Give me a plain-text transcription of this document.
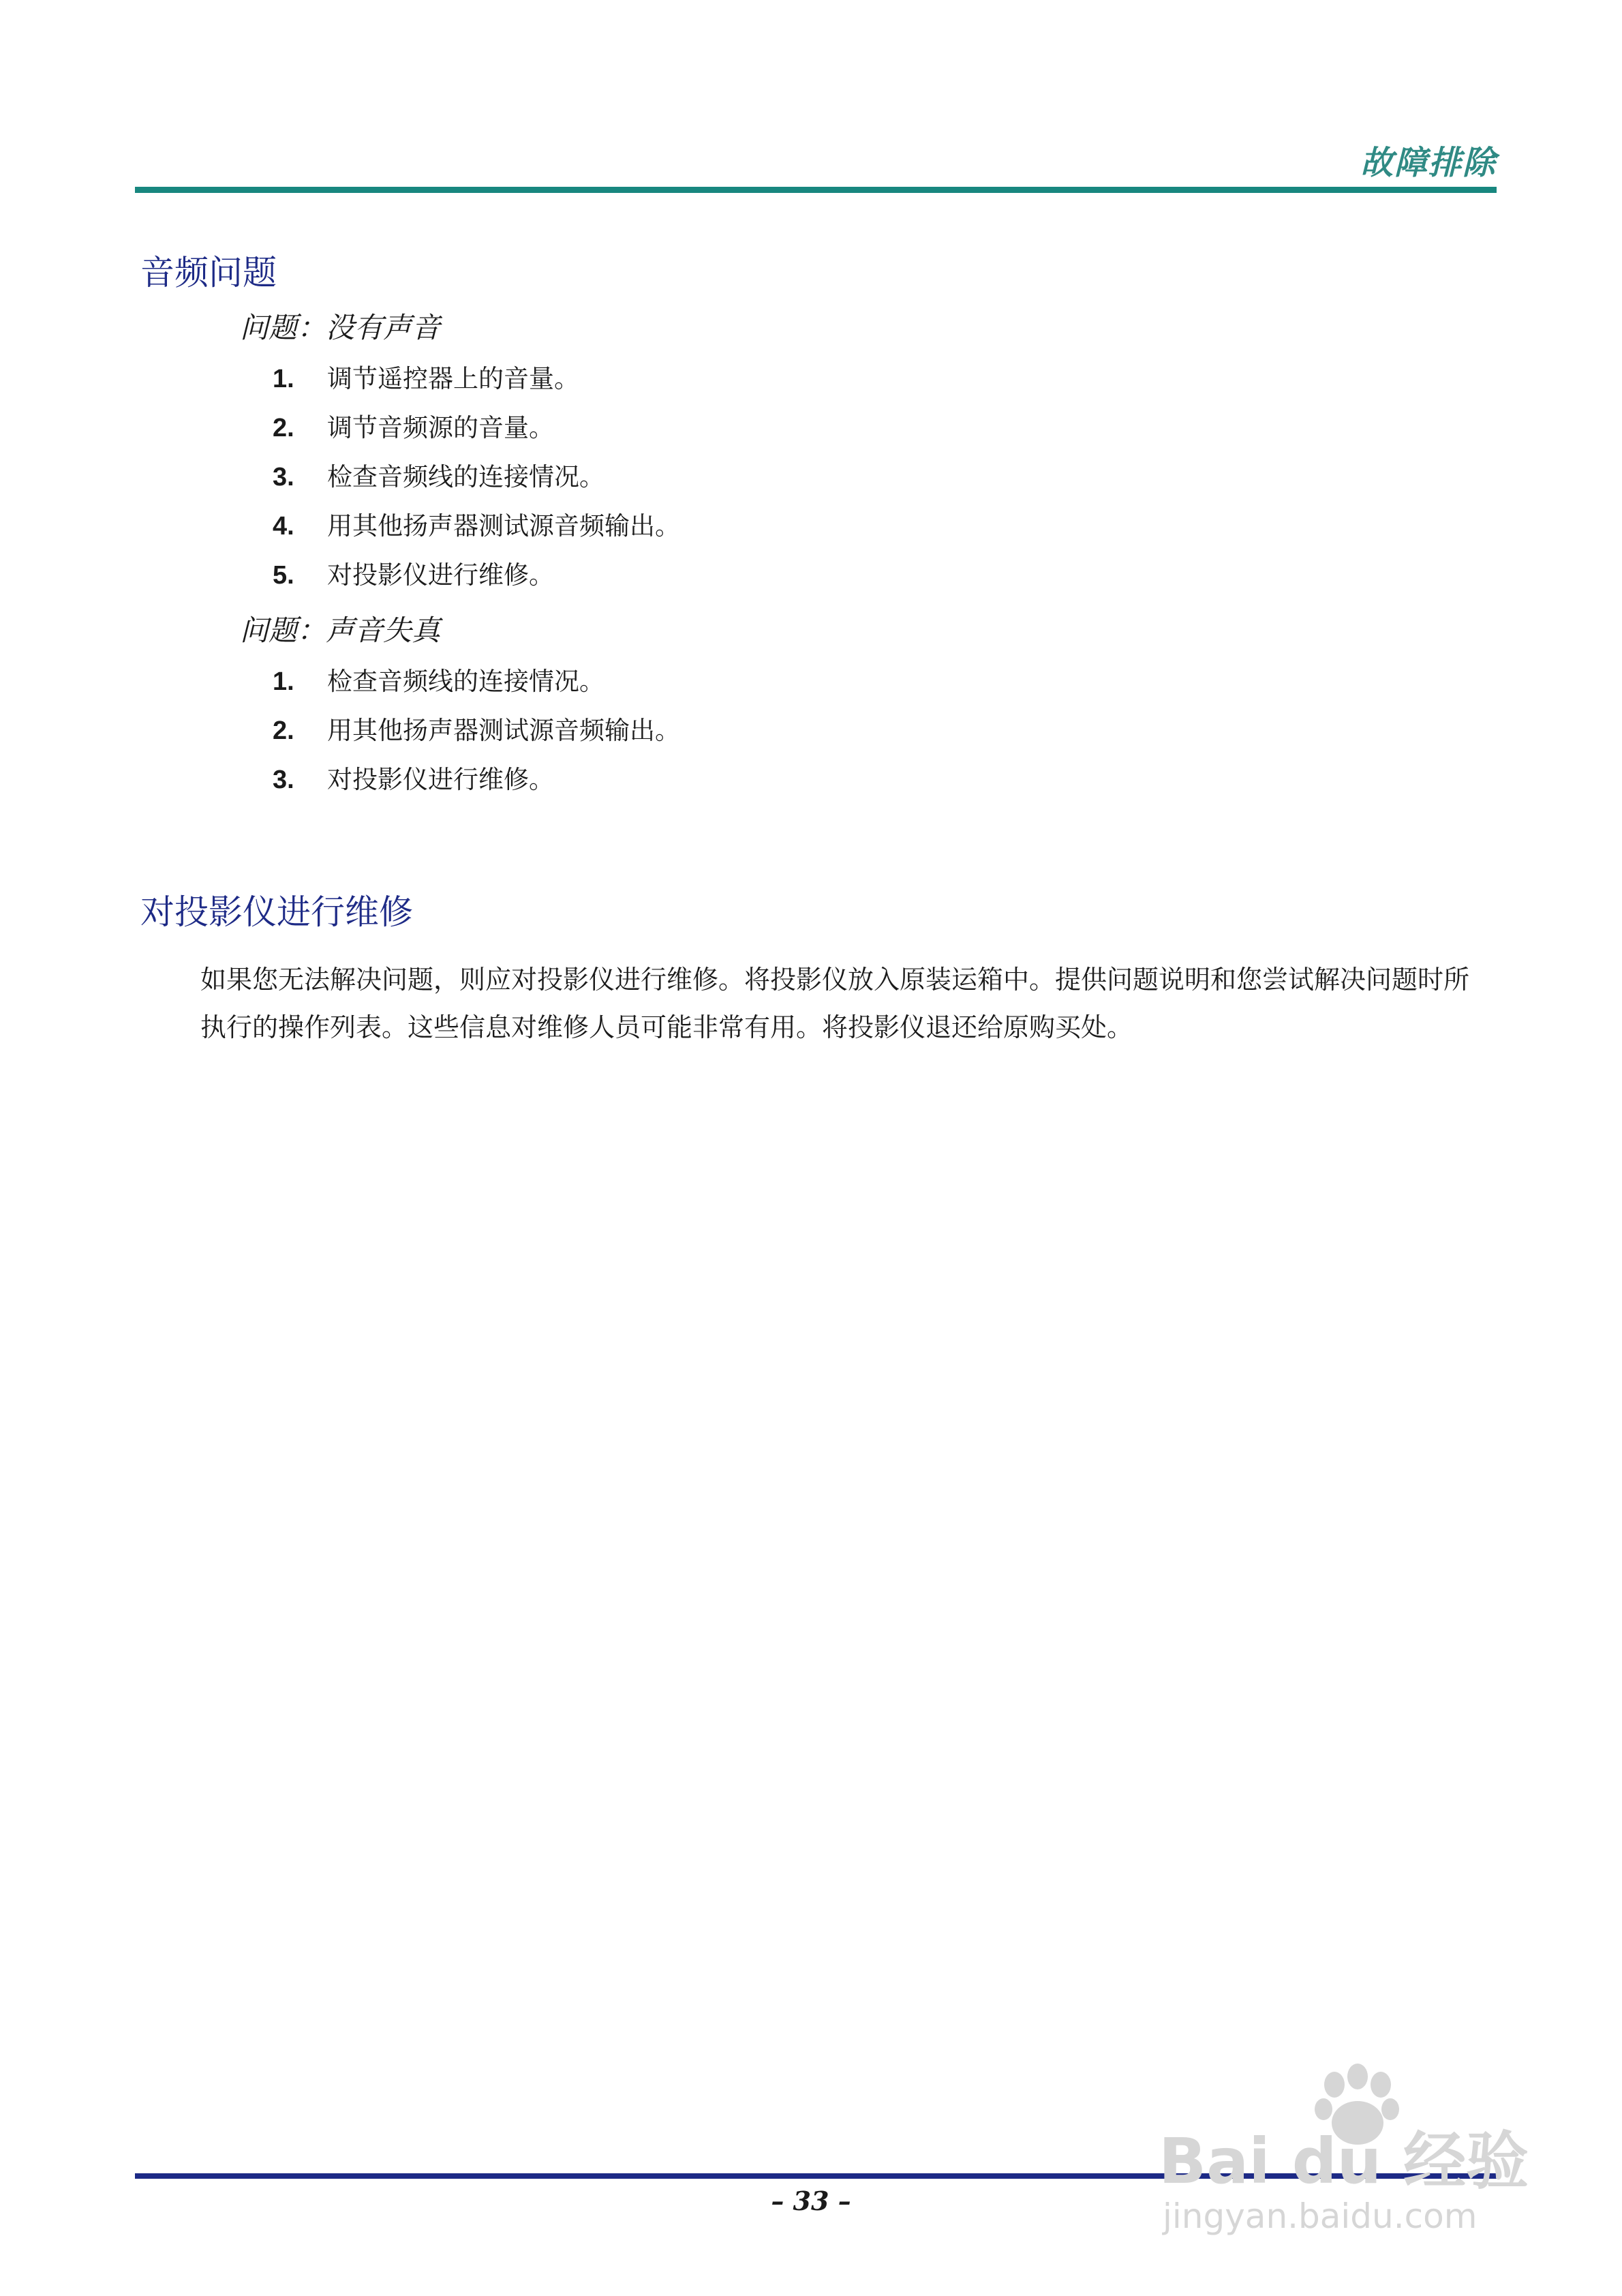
故障排除
音频问题
问题：没有声音
1. 调节遥控器上的音量。
2. 调节音频源的音量。
3. 检查音频线的连接情况。
4. 用其他扬声器测试源音频输出。
5. 对投影仪进行维修。
问题：声音失真
1. 检查音频线的连接情况。
2. 用其他扬声器测试源音频输出。
3. 对投影仪进行维修。
对投影仪进行维修
如果您无法解决问题，则应对投影仪进行维修。将投影仪放入原装运箱中。提供问题说明和您尝试解决问题时所执行的操作列表。这些信息对维修人员可能非常有用。将投影仪退还给原购买处。
– 33 –
Bai du 经验
jingyan.baidu.com
